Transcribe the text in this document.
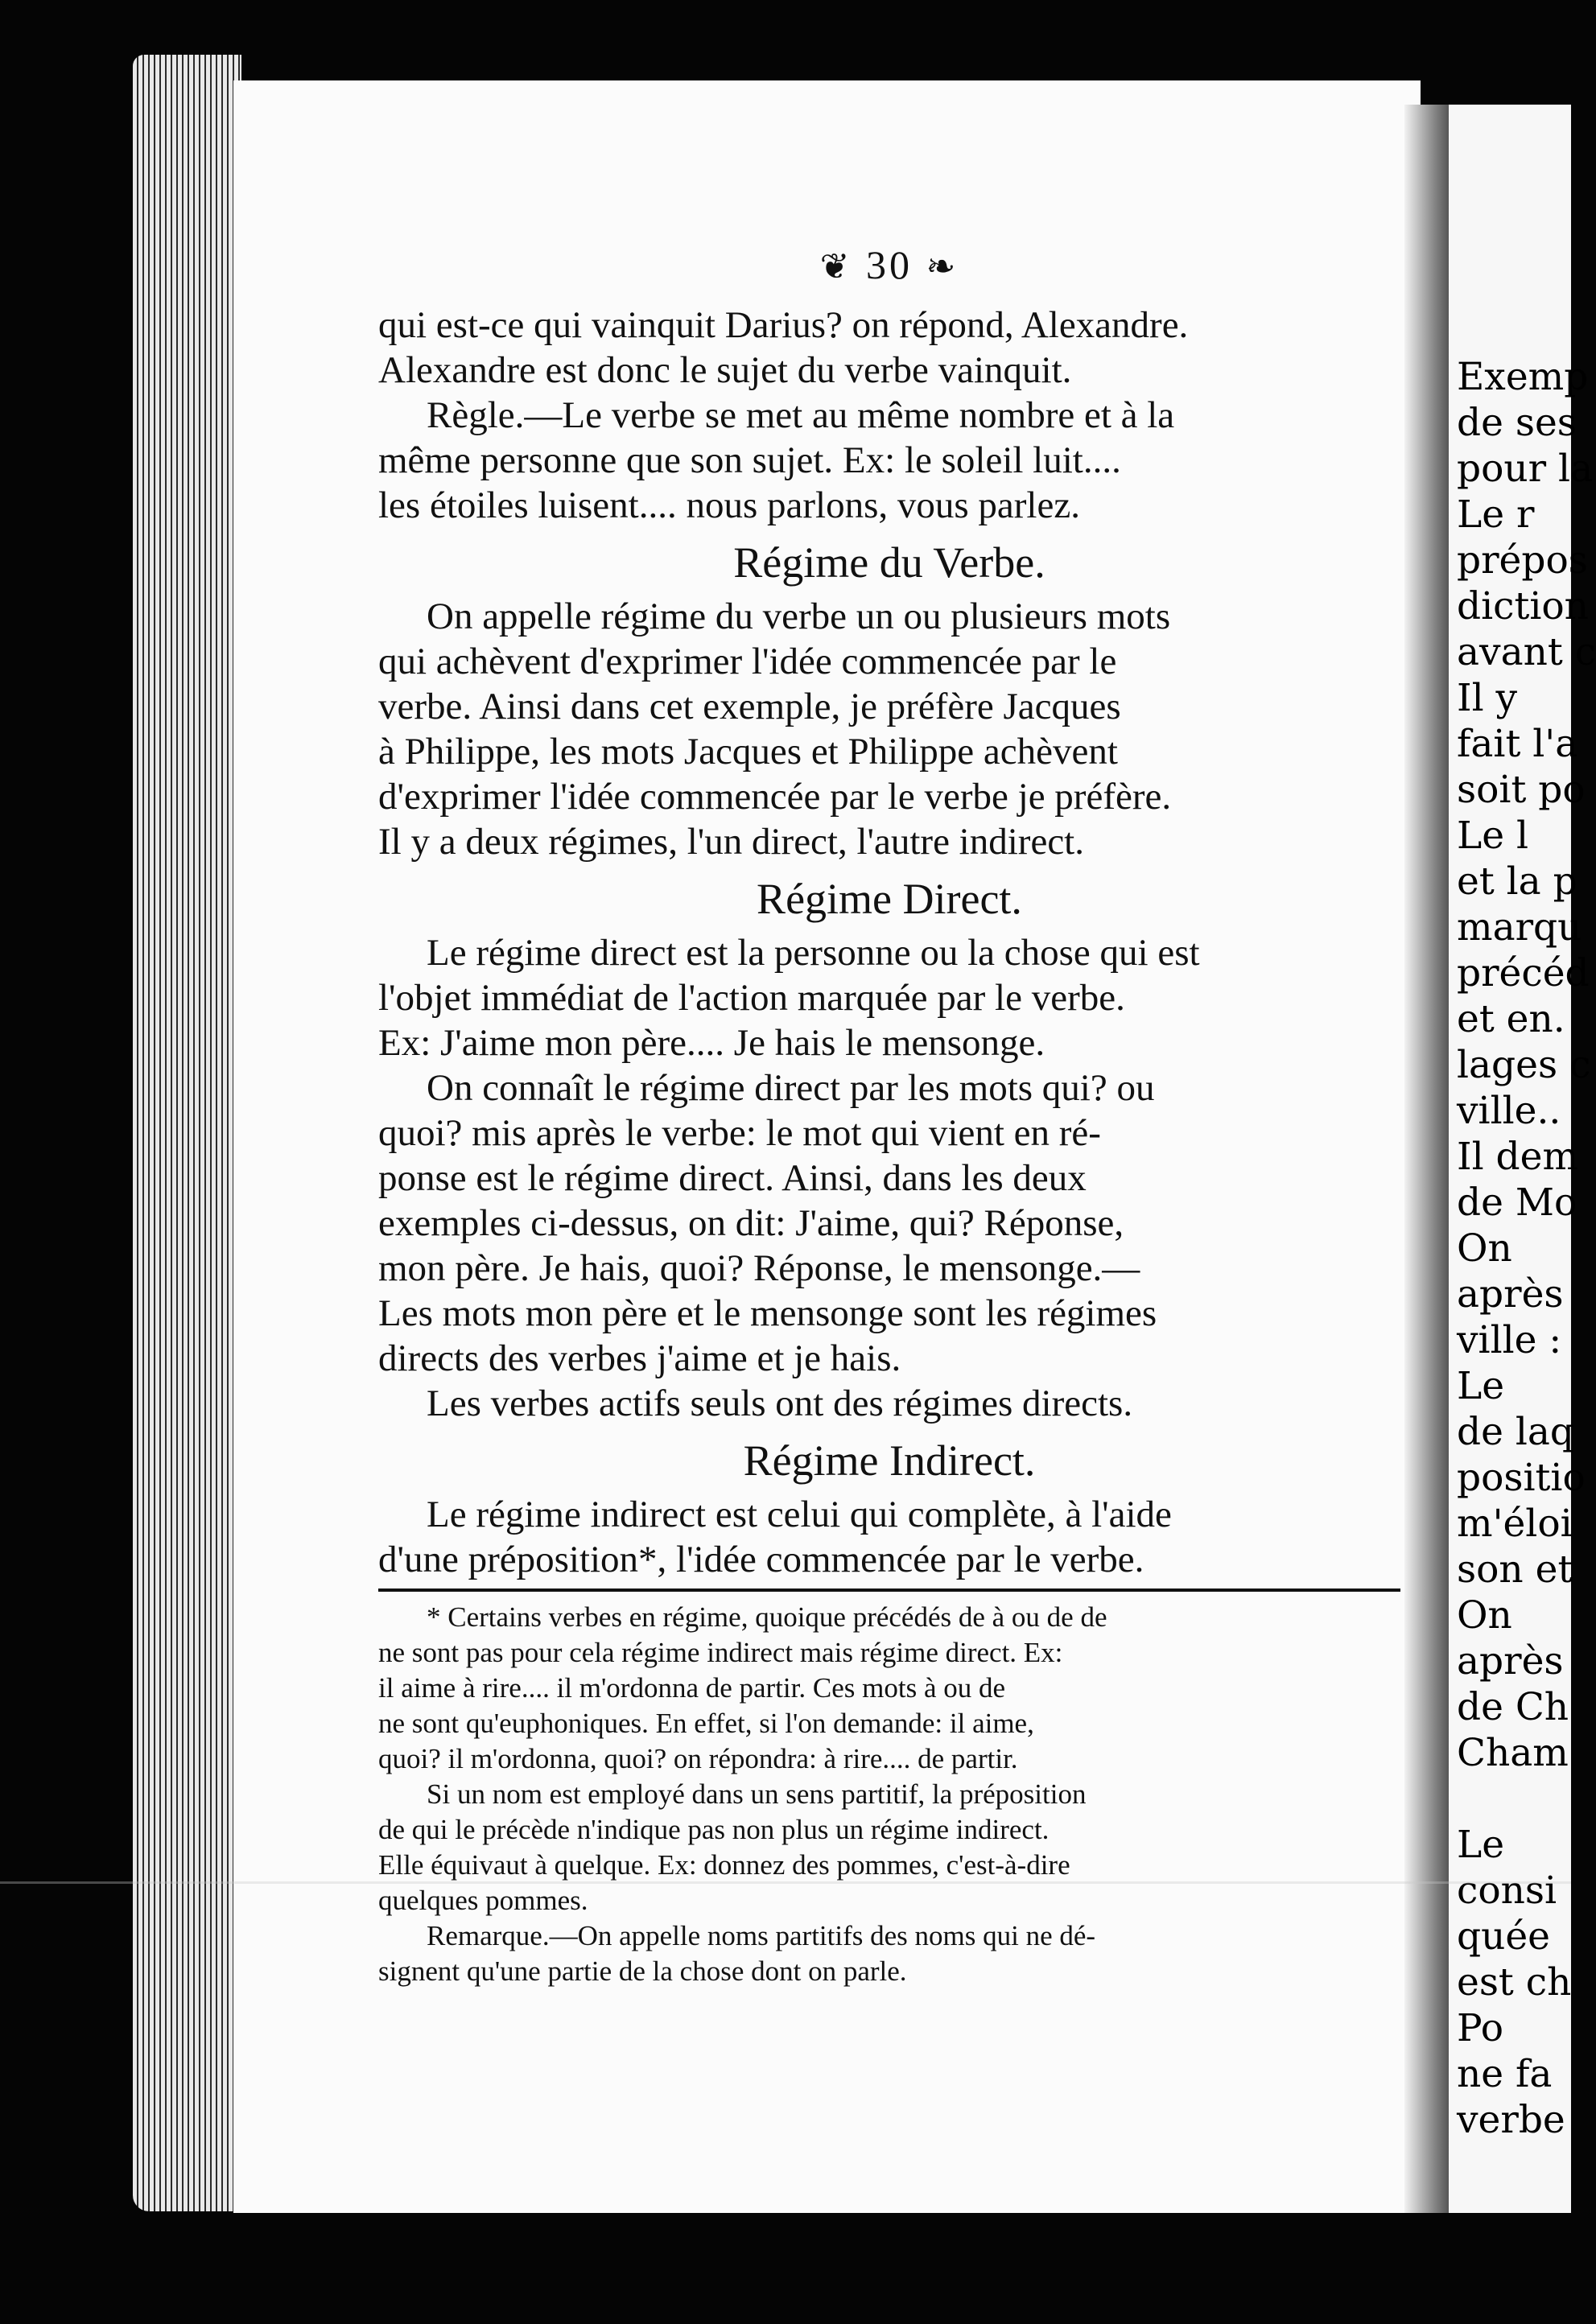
Exemp

de ses

pour la

Le r

prépos

diction

avant c

Il y

fait l'a

soit po

Le l

et la p

marqu

précéd

et en.

lages c

ville..

Il dem

de Mo

On

après

ville :

Le

de laq

positio

m'éloi

son et

On

après

de Ch

Cham

Le

consi

quée

est ch

Po

ne fa

verbe

❦ 30 ❧

qui est-ce qui vainquit Darius? on répond, Alexandre.

Alexandre est donc le sujet du verbe vainquit.

Règle.—Le verbe se met au même nombre et à la

même personne que son sujet. Ex: le soleil luit....

les étoiles luisent.... nous parlons, vous parlez.

Régime du Verbe.

On appelle régime du verbe un ou plusieurs mots

qui achèvent d'exprimer l'idée commencée par le

verbe. Ainsi dans cet exemple, je préfère Jacques

à Philippe, les mots Jacques et Philippe achèvent

d'exprimer l'idée commencée par le verbe je préfère.

Il y a deux régimes, l'un direct, l'autre indirect.

Régime Direct.

Le régime direct est la personne ou la chose qui est

l'objet immédiat de l'action marquée par le verbe.

Ex: J'aime mon père.... Je hais le mensonge.

On connaît le régime direct par les mots qui? ou

quoi? mis après le verbe: le mot qui vient en ré-

ponse est le régime direct. Ainsi, dans les deux

exemples ci-dessus, on dit: J'aime, qui? Réponse,

mon père. Je hais, quoi? Réponse, le mensonge.—

Les mots mon père et le mensonge sont les régimes

directs des verbes j'aime et je hais.

Les verbes actifs seuls ont des régimes directs.

Régime Indirect.

Le régime indirect est celui qui complète, à l'aide

d'une préposition*, l'idée commencée par le verbe.

* Certains verbes en régime, quoique précédés de à ou de de

ne sont pas pour cela régime indirect mais régime direct. Ex:

il aime à rire.... il m'ordonna de partir. Ces mots à ou de

ne sont qu'euphoniques. En effet, si l'on demande: il aime,

quoi? il m'ordonna, quoi? on répondra: à rire.... de partir.

Si un nom est employé dans un sens partitif, la préposition

de qui le précède n'indique pas non plus un régime indirect.

Elle équivaut à quelque. Ex: donnez des pommes, c'est-à-dire

quelques pommes.

Remarque.—On appelle noms partitifs des noms qui ne dé-

signent qu'une partie de la chose dont on parle.
